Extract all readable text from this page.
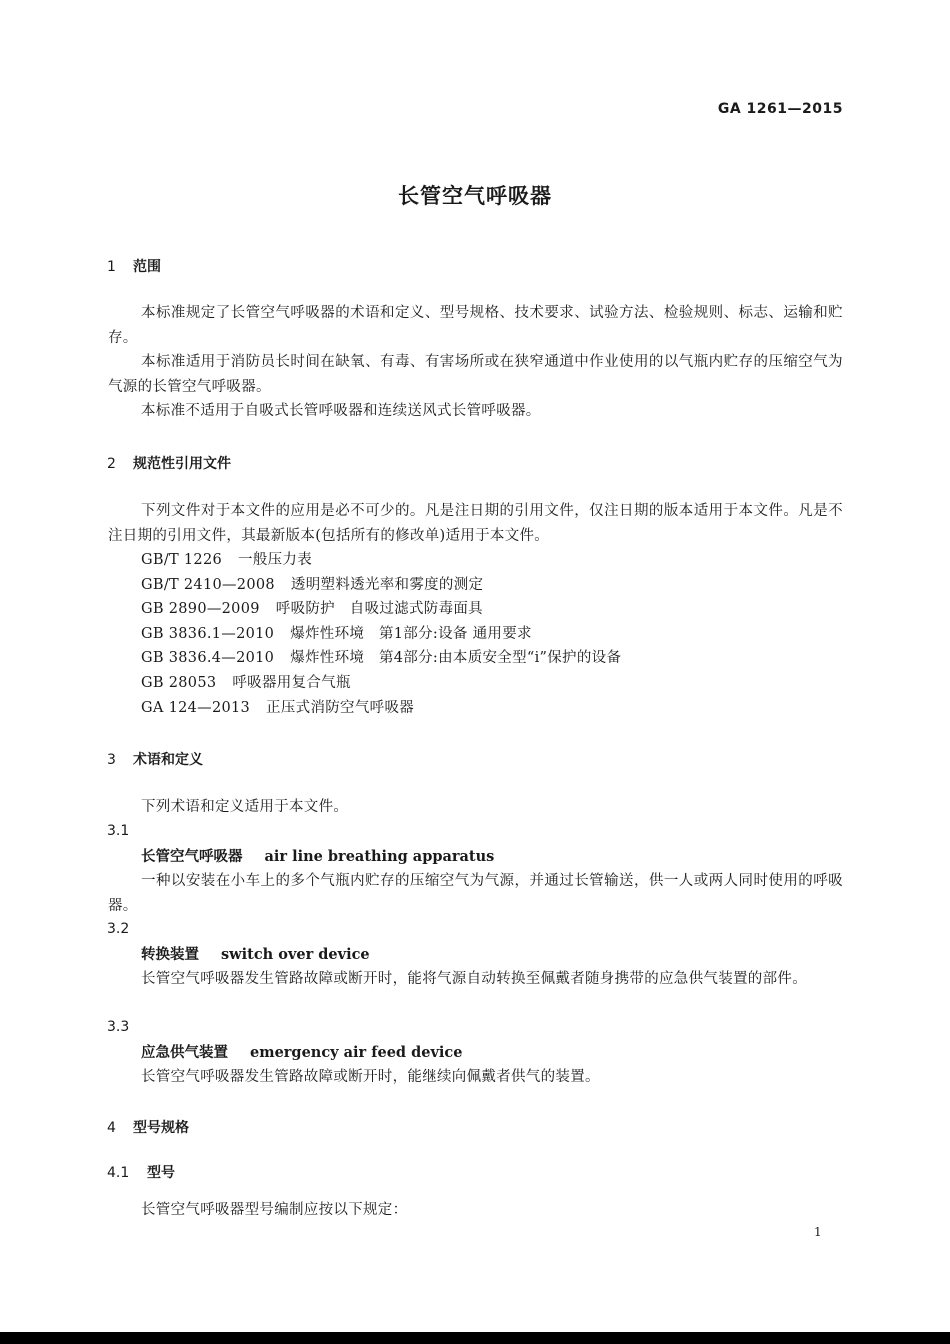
GA 1261—2015
长管空气呼吸器
1 范围

本标准规定了长管空气呼吸器的术语和定义、型号规格、技术要求、试验方法、检验规则、标志、运输和贮存。

本标准适用于消防员长时间在缺氧、有毒、有害场所或在狭窄通道中作业使用的以气瓶内贮存的压缩空气为气源的长管空气呼吸器。

本标准不适用于自吸式长管呼吸器和连续送风式长管呼吸器。

2 规范性引用文件

下列文件对于本文件的应用是必不可少的。凡是注日期的引用文件，仅注日期的版本适用于本文件。凡是不注日期的引用文件，其最新版本(包括所有的修改单)适用于本文件。

GB/T 1226 一般压力表
GB/T 2410—2008 透明塑料透光率和雾度的测定
GB 2890—2009 呼吸防护　自吸过滤式防毒面具
GB 3836.1—2010 爆炸性环境　第1部分:设备 通用要求
GB 3836.4—2010 爆炸性环境　第4部分:由本质安全型“i”保护的设备
GB 28053 呼吸器用复合气瓶
GA 124—2013 正压式消防空气呼吸器
3 术语和定义

下列术语和定义适用于本文件。

3.1
长管空气呼吸器 air line breathing apparatus

一种以安装在小车上的多个气瓶内贮存的压缩空气为气源，并通过长管输送，供一人或两人同时使用的呼吸器。

3.2
转换装置 switch over device

长管空气呼吸器发生管路故障或断开时，能将气源自动转换至佩戴者随身携带的应急供气装置的部件。

3.3
应急供气装置 emergency air feed device

长管空气呼吸器发生管路故障或断开时，能继续向佩戴者供气的装置。

4 型号规格
4.1 型号

长管空气呼吸器型号编制应按以下规定：

1
